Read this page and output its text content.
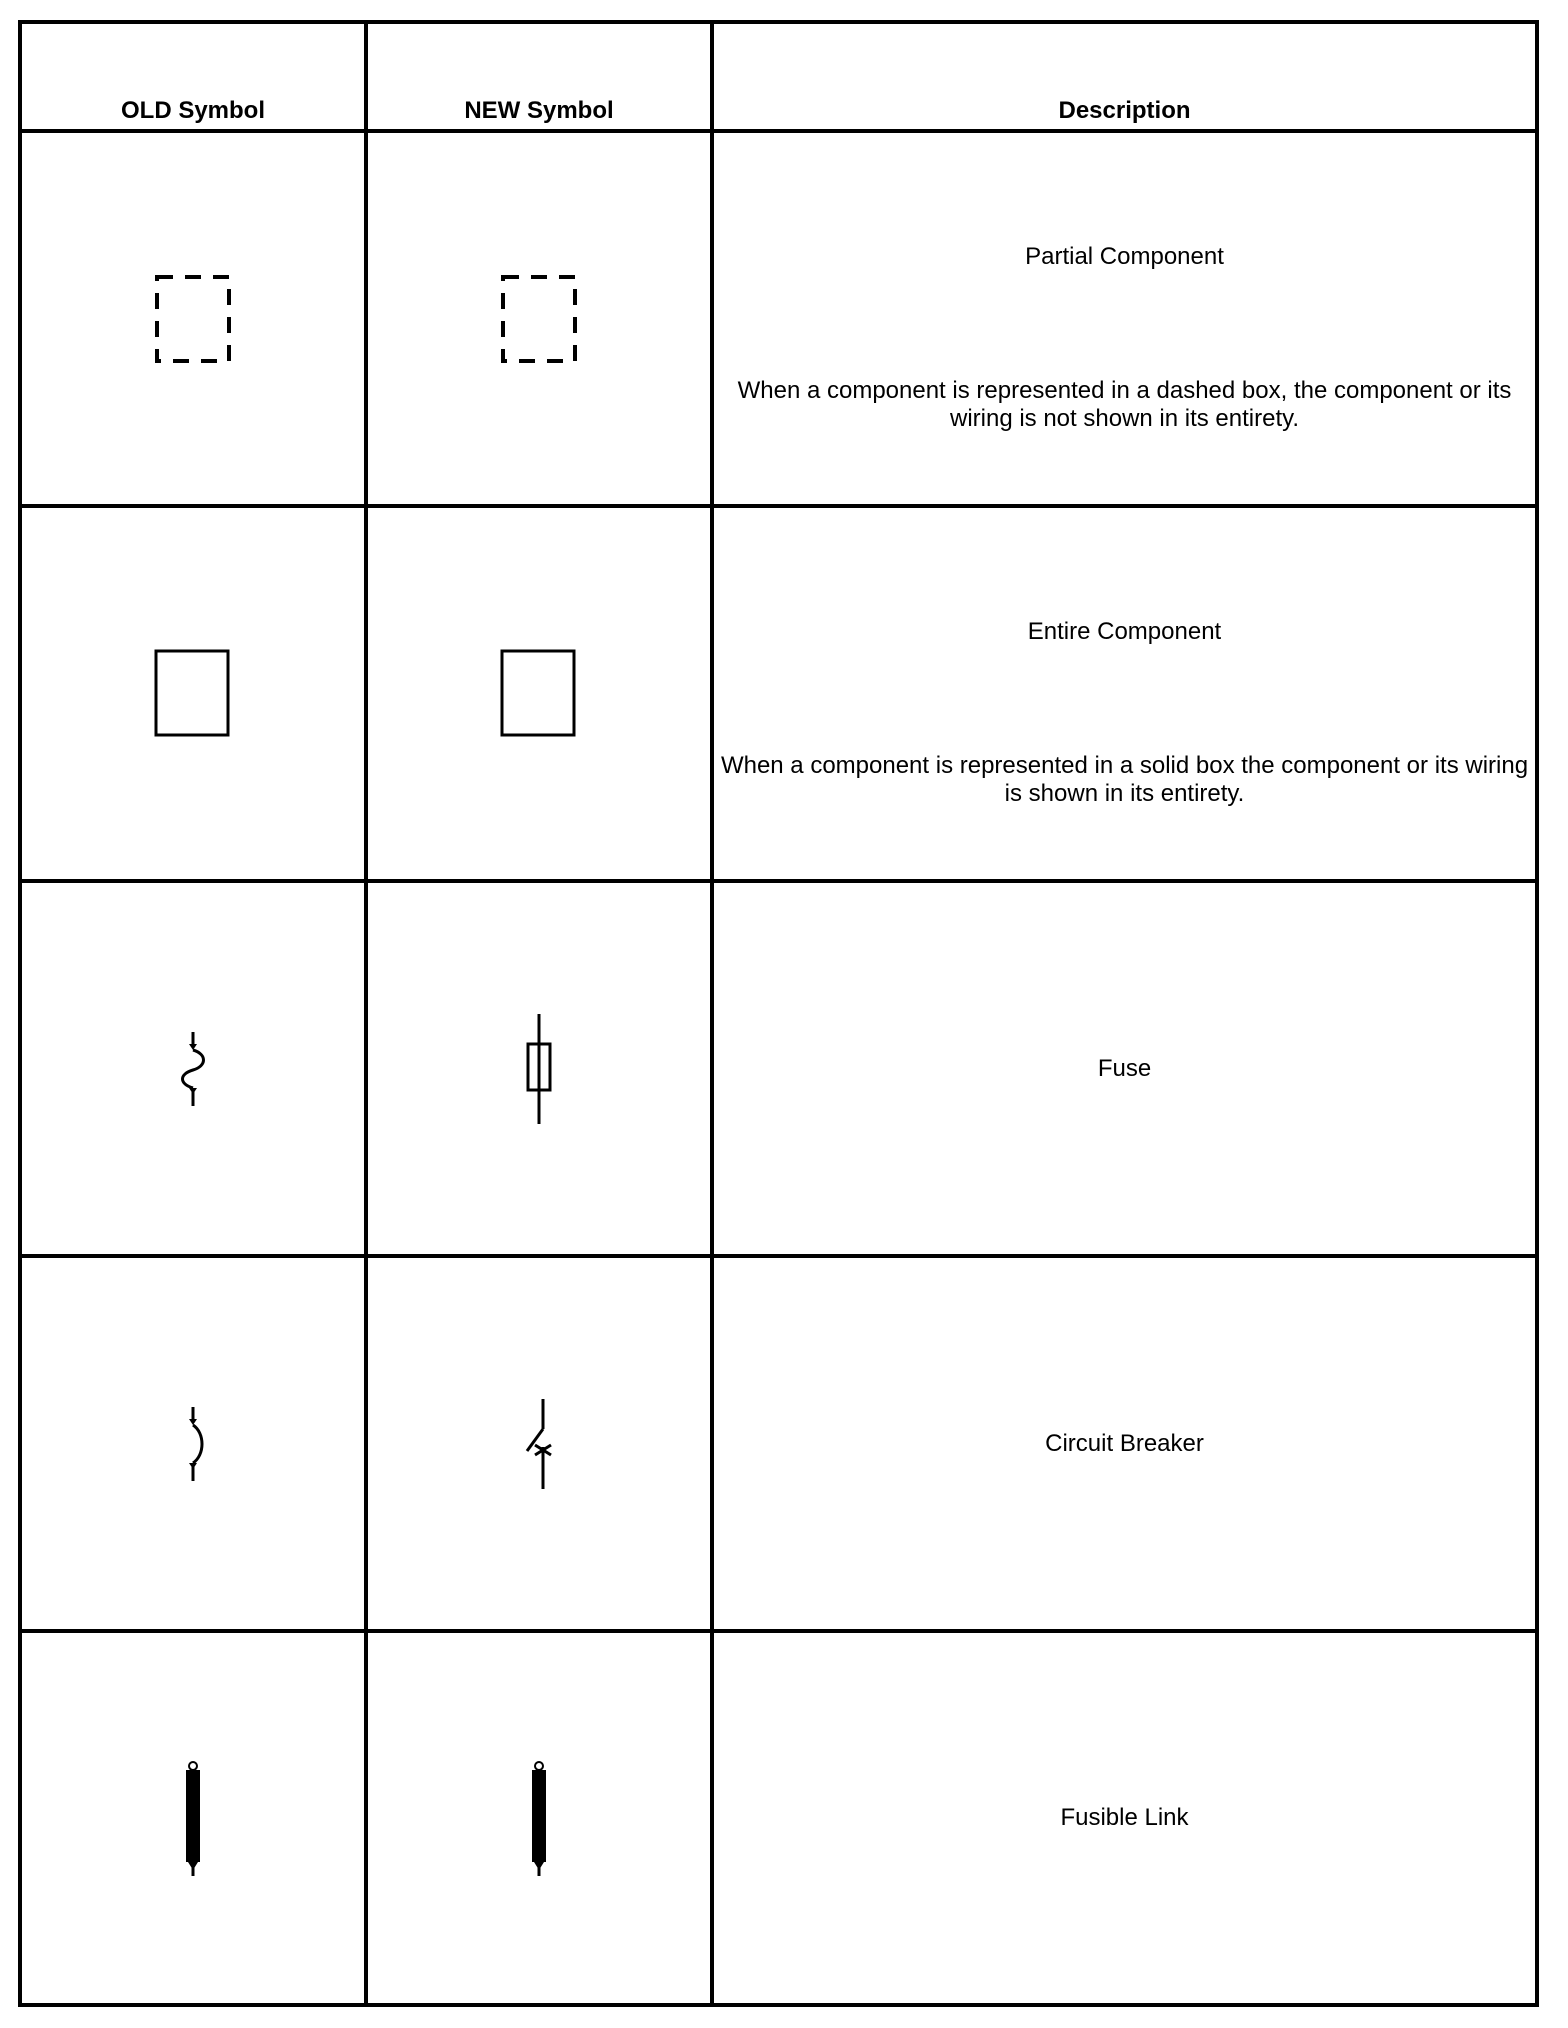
OLD Symbol	NEW Symbol	Description
Partial Component
When a component is represented in a dashed box, the component or its wiring is not shown in its entirety.
Entire Component
When a component is represented in a solid box the component or its wiring is shown in its entirety.
Fuse
Circuit Breaker
Fusible Link
